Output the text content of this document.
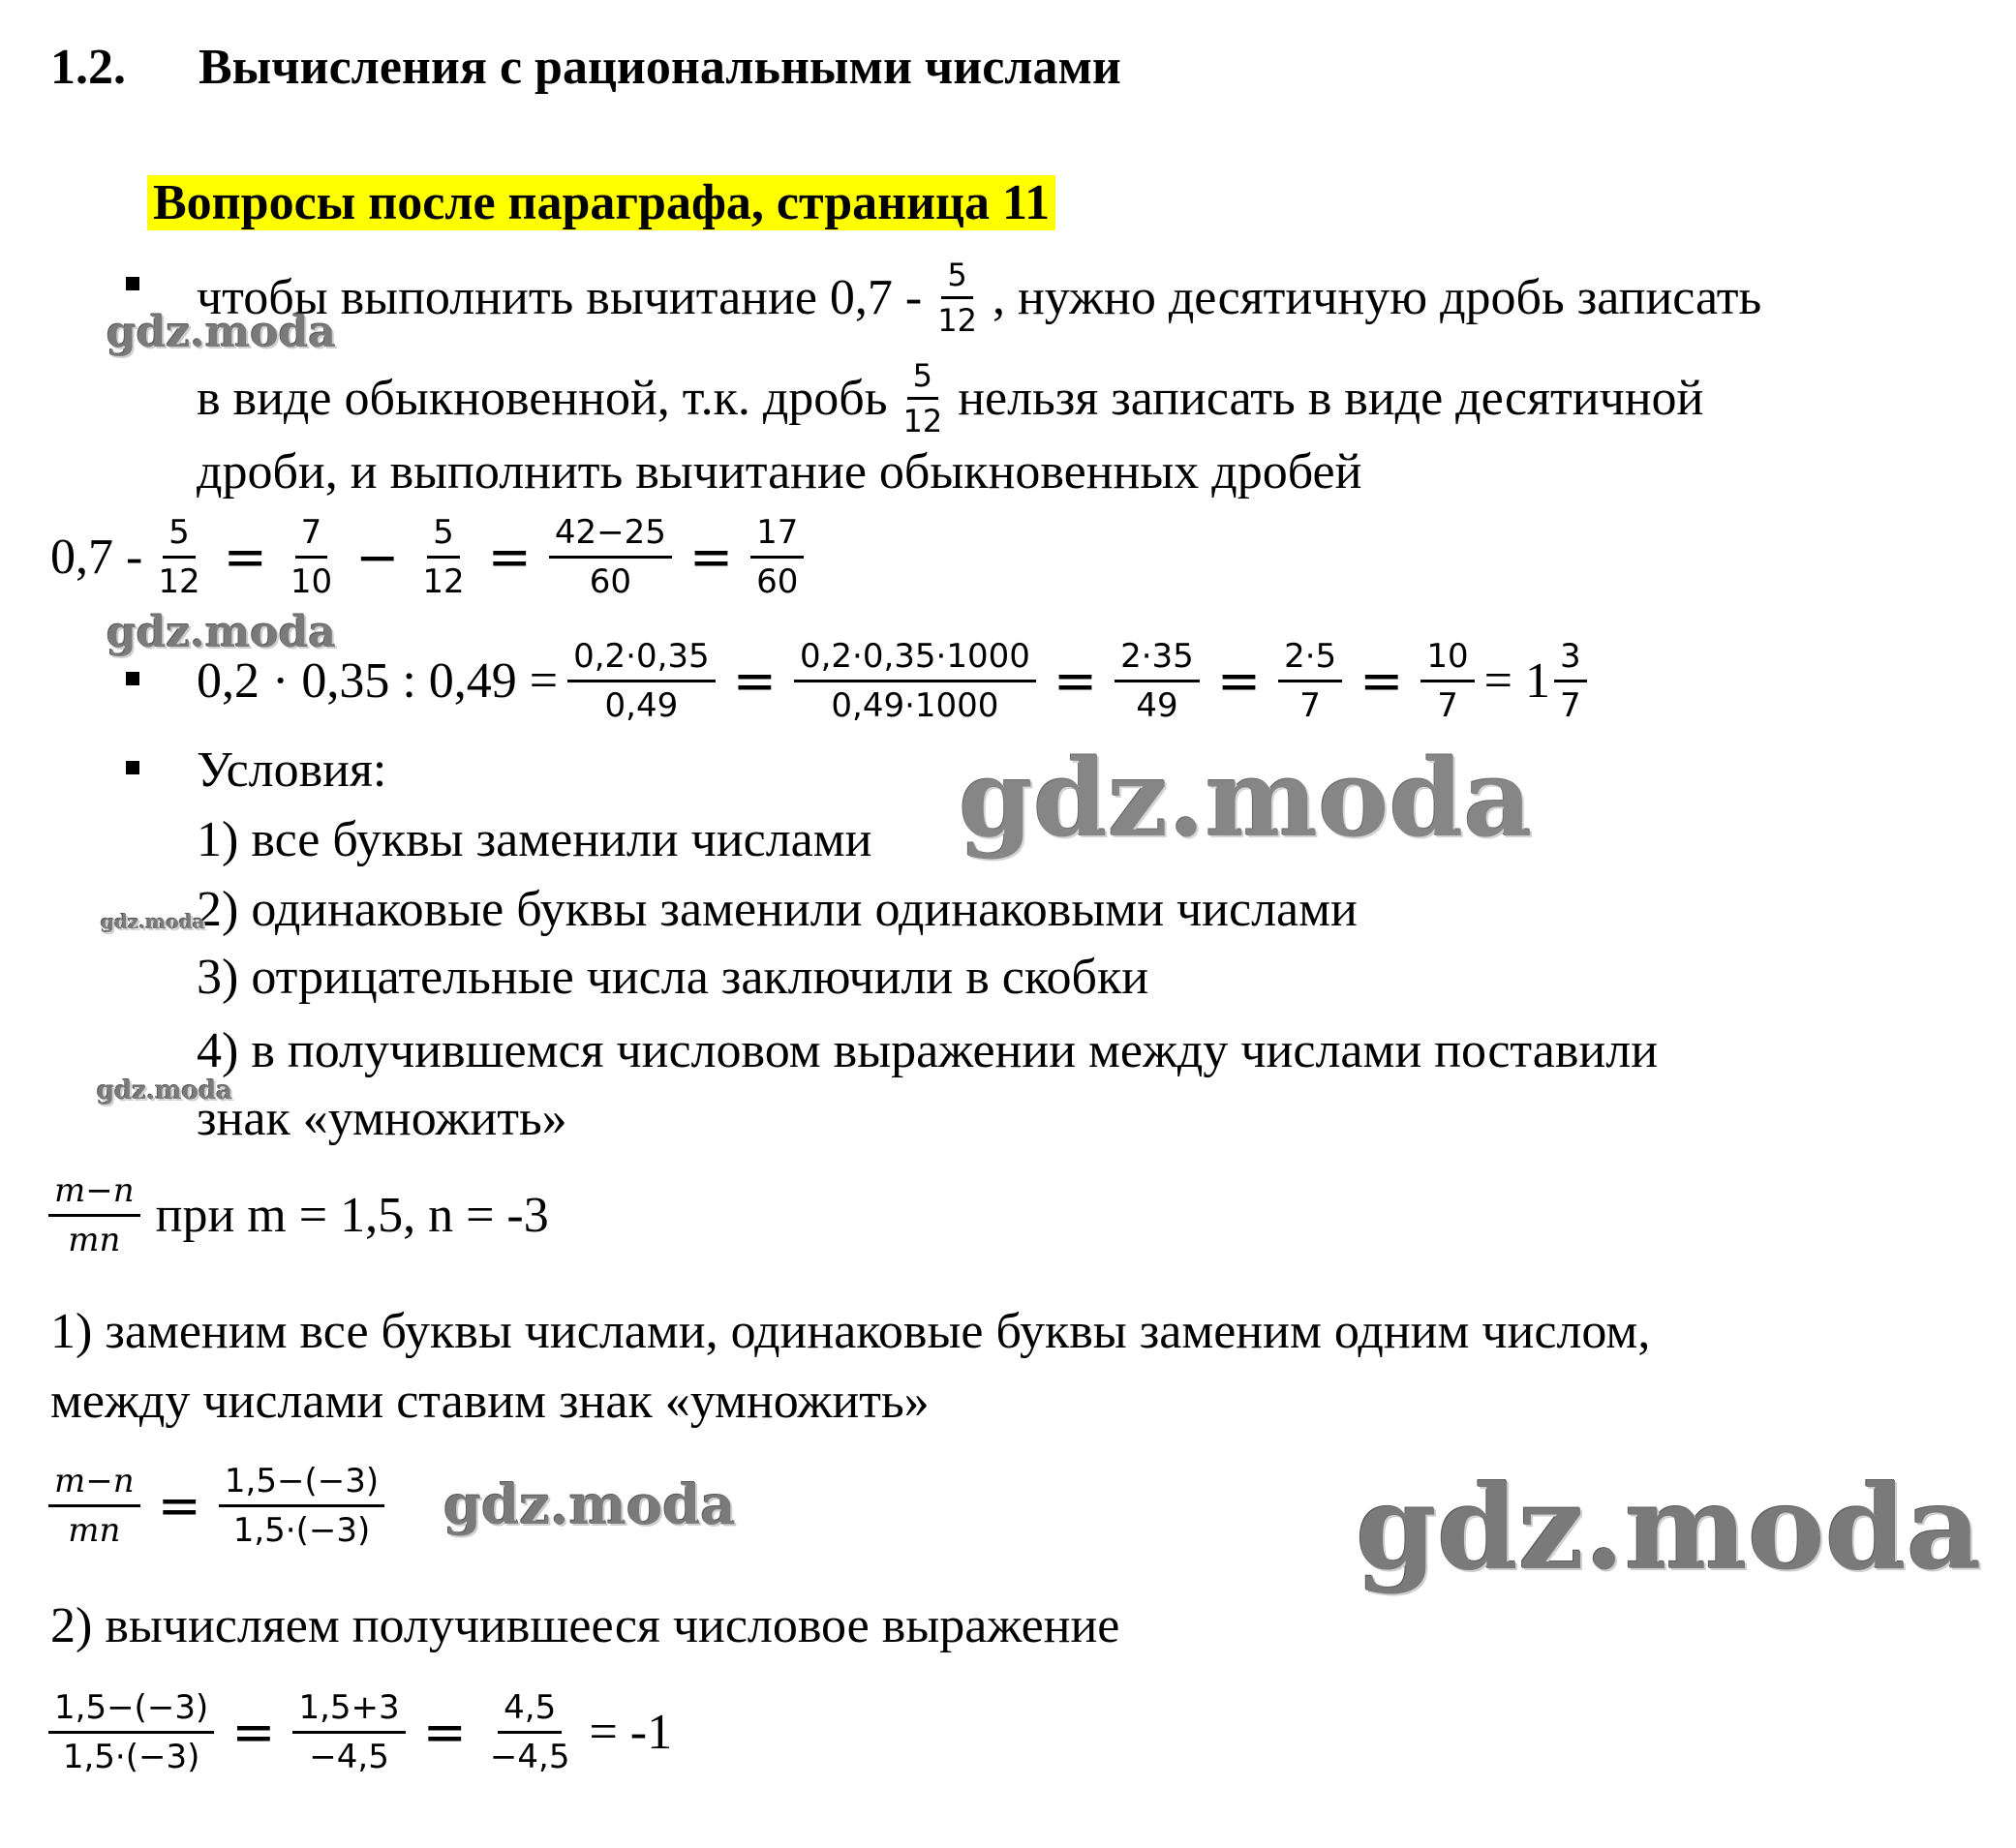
1.2. Вычисления с рациональными числами
Вопросы после параграфа, страница 11
чтобы выполнить вычитание $0,7 - \frac{5}{12}$ , нужно десятичную дробь записать
в виде обыкновенной, т.к. дробь $\frac{5}{12}$ нельзя записать в виде десятичной
дроби, и выполнить вычитание обыкновенных дробей
$0,7 - \frac{5}{12} = \frac{7}{10} - \frac{5}{12} = \frac{42-25}{60} = \frac{17}{60}$
0,2 · 0,35 : $0,49 = \frac{0,2\cdot 0,35}{0,49} = \frac{0,2\cdot 0,35\cdot 1000}{0,49\cdot 1000} = \frac{2\cdot 35}{49} = \frac{2\cdot 5}{7} = \frac{10}{7} = 1 \frac{3}{7}$
Условия:
1) все буквы заменили числами
2) одинаковые буквы заменили одинаковыми числами
3) отрицательные числа заключили в скобки
4) в получившемся числовом выражении между числами поставили
знак «умножить»
$\frac{m-n}{mn}$ при m = 1,5, n = -3
1) заменим все буквы числами, одинаковые буквы заменим одним числом,
между числами ставим знак «умножить»
$\frac{m-n}{mn} = \frac{1,5-(-3)}{1,5\cdot(-3)}$
2) вычисляем получившееся числовое выражение
$\frac{1,5-(-3)}{1,5\cdot(-3)} = \frac{1,5+3}{-4,5} = \frac{4,5}{-4,5} = -1$
gdz.moda
gdz.moda
gdz.moda
gdz.moda
gdz.moda
gdz.moda	gdz.moda
